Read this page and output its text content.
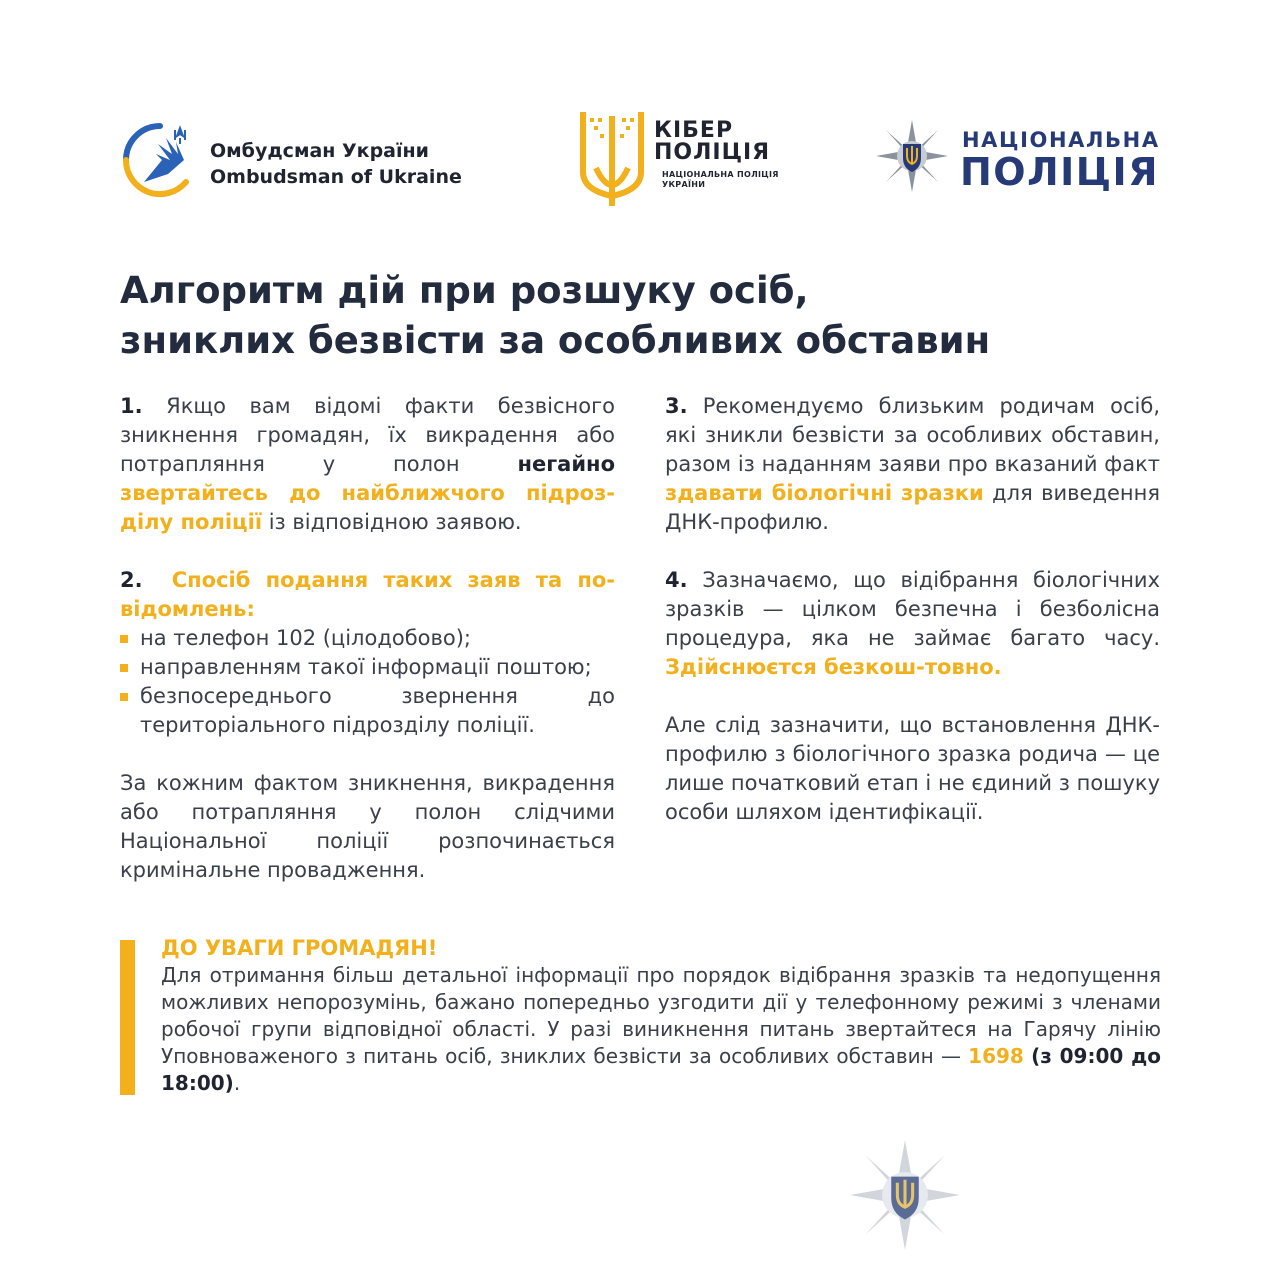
Омбудсман України
Ombudsman of Ukraine
КІБЕР
ПОЛІЦІЯ
НАЦІОНАЛЬНА ПОЛІЦІЯ
УКРАЇНИ
НАЦІОНАЛЬНА
ПОЛІЦІЯ
Алгоритм дій при розшуку осіб,
зниклих безвісти за особливих обставин

1. Якщо вам відомі факти безвісного зникнення громадян, їх викрадення або потрапляння у полон негайно звертайтесь до найближчого підроз-ділу поліції із відповідною заявою.

2. Спосіб подання таких заяв та по-відомлень:

на телефон 102 (цілодобово);
направленням такої інформації поштою;
безпосереднього звернення до територіального підрозділу поліції.

За кожним фактом зникнення, викрадення або потрапляння у полон слідчими Національної поліції розпочинається кримінальне провадження.

3. Рекомендуємо близьким родичам осіб, які зникли безвісти за особливих обставин, разом із наданням заяви про вказаний факт здавати біологічні зразки для виведення ДНК-профилю.

4. Зазначаємо, що відібрання біологічних зразків — цілком безпечна і безболісна процедура, яка не займає багато часу. Здійснюєтся безкош-товно.

Але слід зазначити, що встановлення ДНК-профилю з біологічного зразка родича — це лише початковий етап і не єдиний з пошуку особи шляхом ідентифікації.

ДО УВАГИ ГРОМАДЯН!
Для отримання більш детальної інформації про порядок відібрання зразків та недопущення можливих непорозумінь, бажано попередньо узгодити дії у телефонному режимі з членами робочої групи відповідної області. У разі виникнення питань звертайтеся на Гарячу лінію Уповноваженого з питань осіб, зниклих безвісти за особливих обставин — 1698 (з 09:00 до 18:00).
